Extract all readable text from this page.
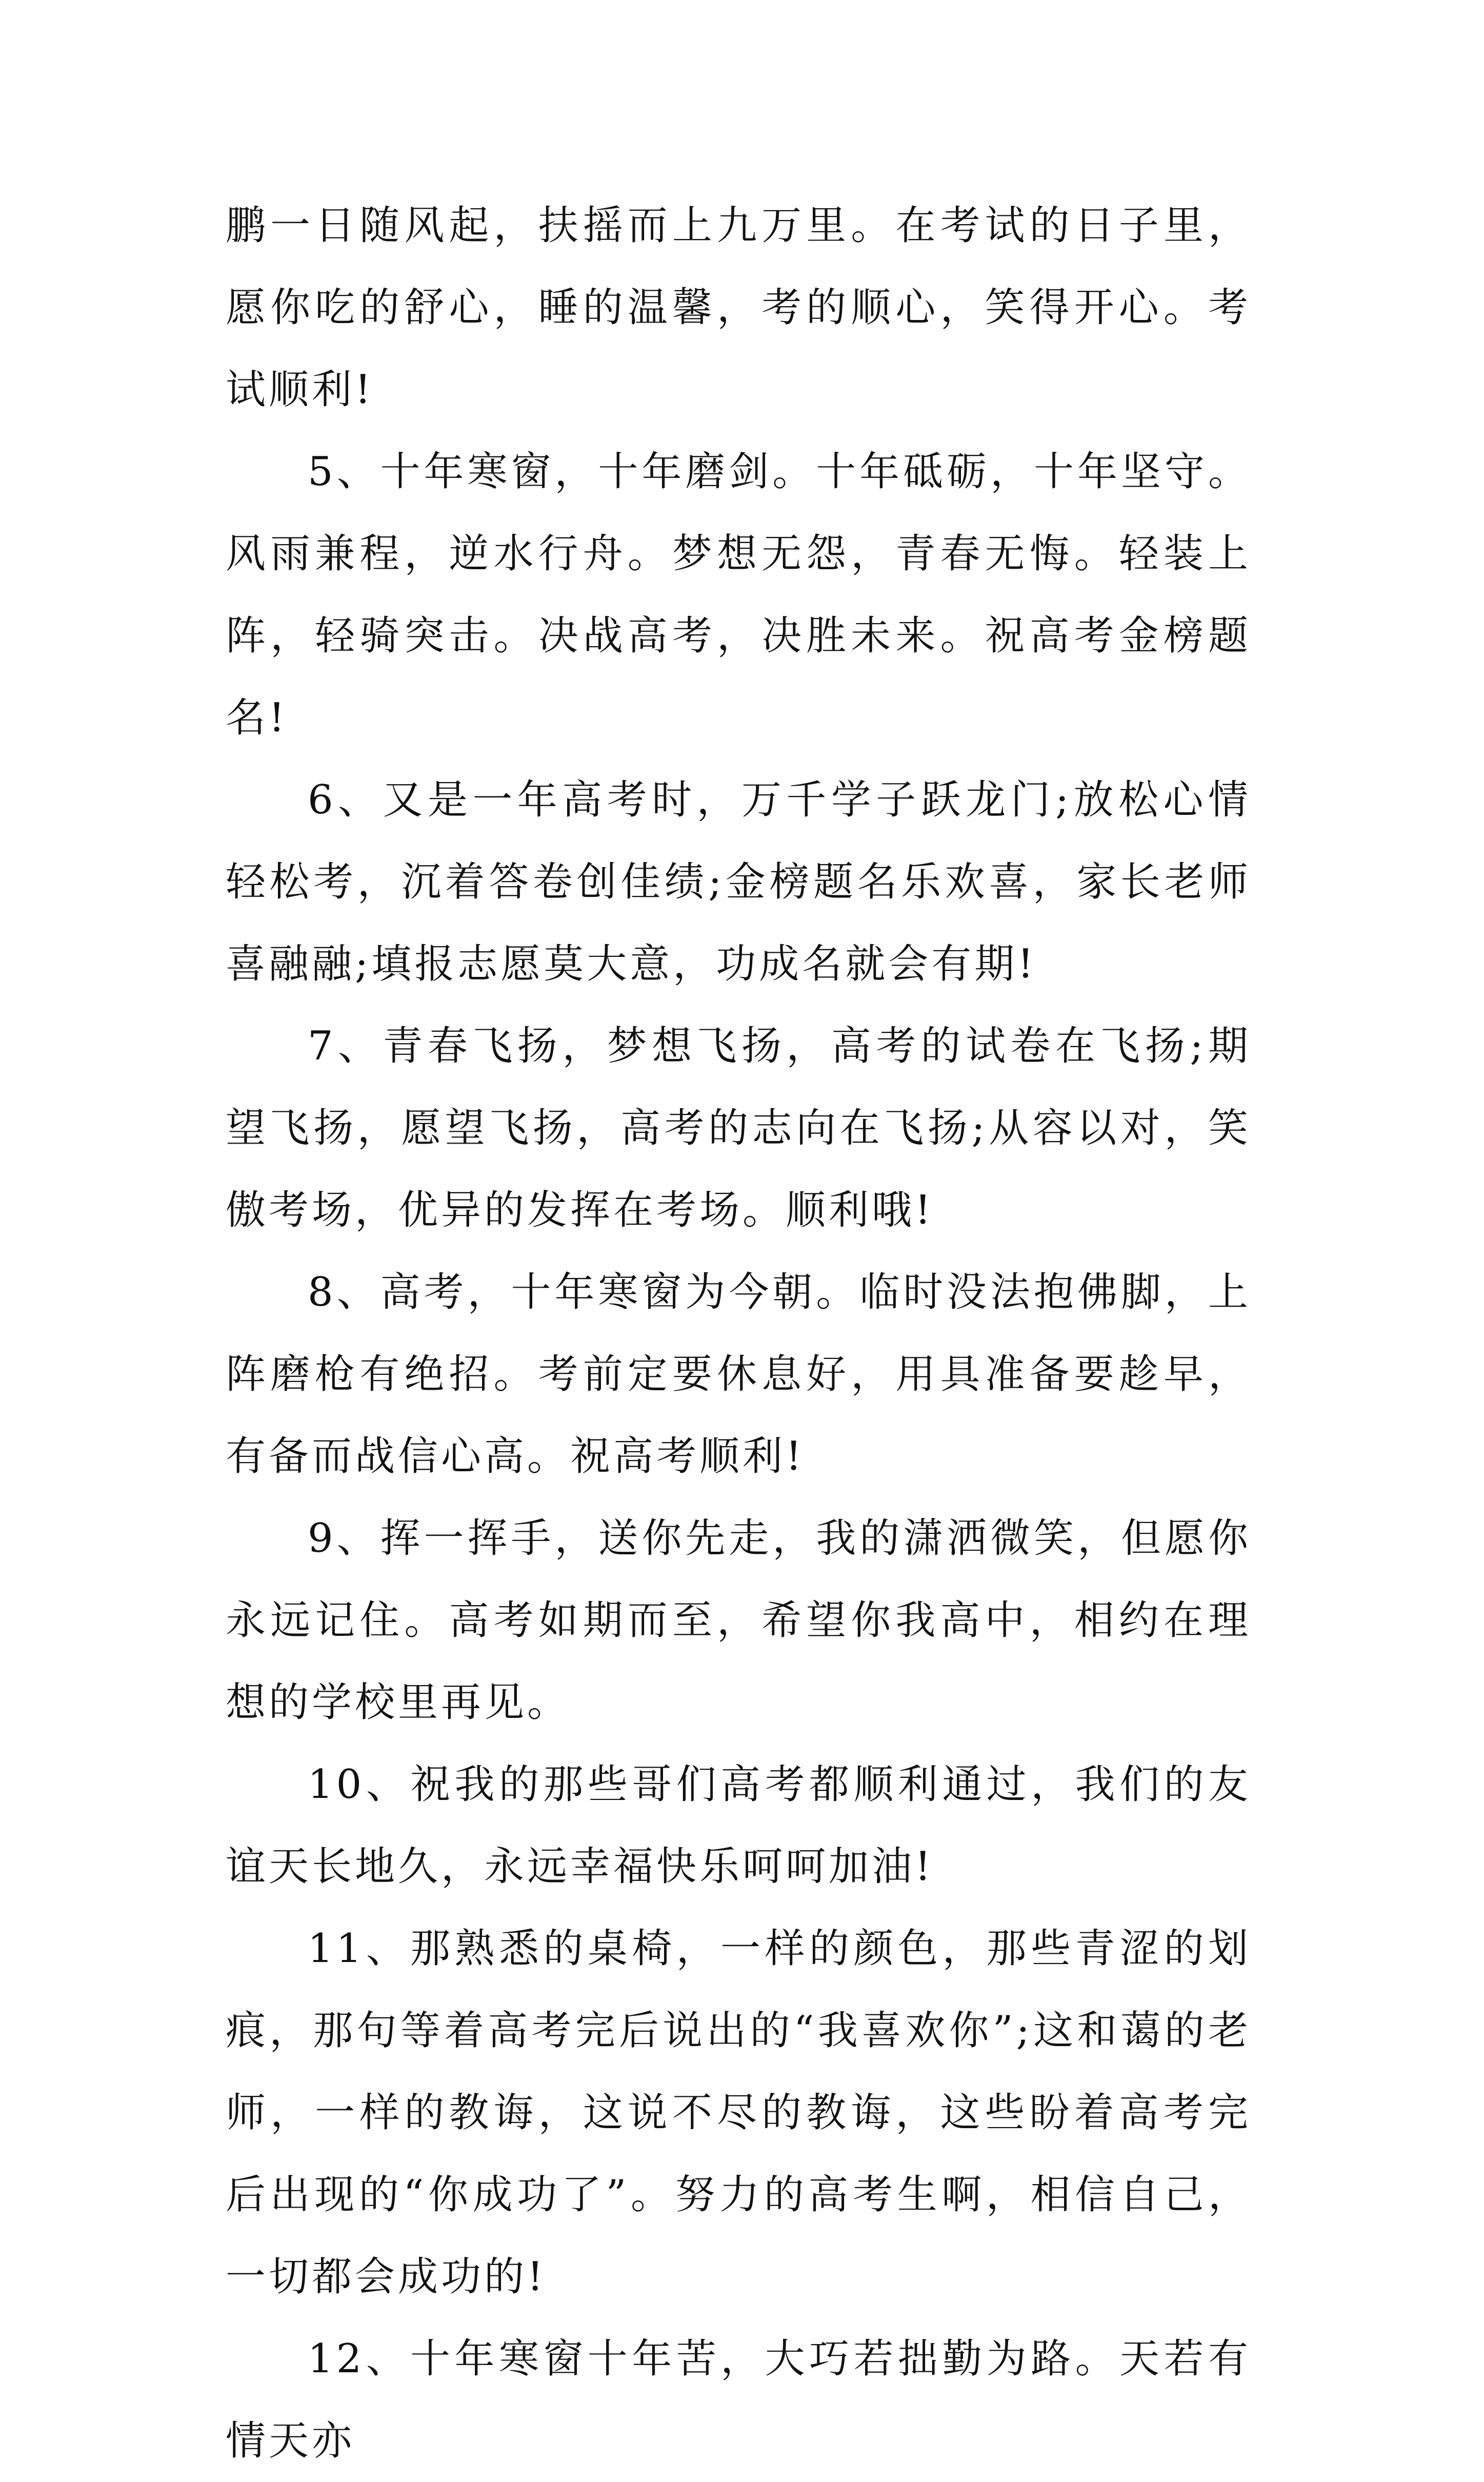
鹏一日随风起，扶摇而上九万里。在考试的日子里，愿你吃的舒心，睡的温馨，考的顺心，笑得开心。考试顺利!

5、十年寒窗，十年磨剑。十年砥砺，十年坚守。风雨兼程，逆水行舟。梦想无怨，青春无悔。轻装上阵，轻骑突击。决战高考，决胜未来。祝高考金榜题名!

6、又是一年高考时，万千学子跃龙门;放松心情轻松考，沉着答卷创佳绩;金榜题名乐欢喜，家长老师喜融融;填报志愿莫大意，功成名就会有期!

7、青春飞扬，梦想飞扬，高考的试卷在飞扬;期望飞扬，愿望飞扬，高考的志向在飞扬;从容以对，笑傲考场，优异的发挥在考场。顺利哦!

8、高考，十年寒窗为今朝。临时没法抱佛脚，上阵磨枪有绝招。考前定要休息好，用具准备要趁早，有备而战信心高。祝高考顺利!

9、挥一挥手，送你先走，我的潇洒微笑，但愿你永远记住。高考如期而至，希望你我高中，相约在理想的学校里再见。

10、祝我的那些哥们高考都顺利通过，我们的友谊天长地久，永远幸福快乐呵呵加油!

11、那熟悉的桌椅，一样的颜色，那些青涩的划痕，那句等着高考完后说出的“我喜欢你”;这和蔼的老师，一样的教诲，这说不尽的教诲，这些盼着高考完后出现的“你成功了”。努力的高考生啊，相信自己，一切都会成功的!

12、十年寒窗十年苦，大巧若拙勤为路。天若有情天亦
